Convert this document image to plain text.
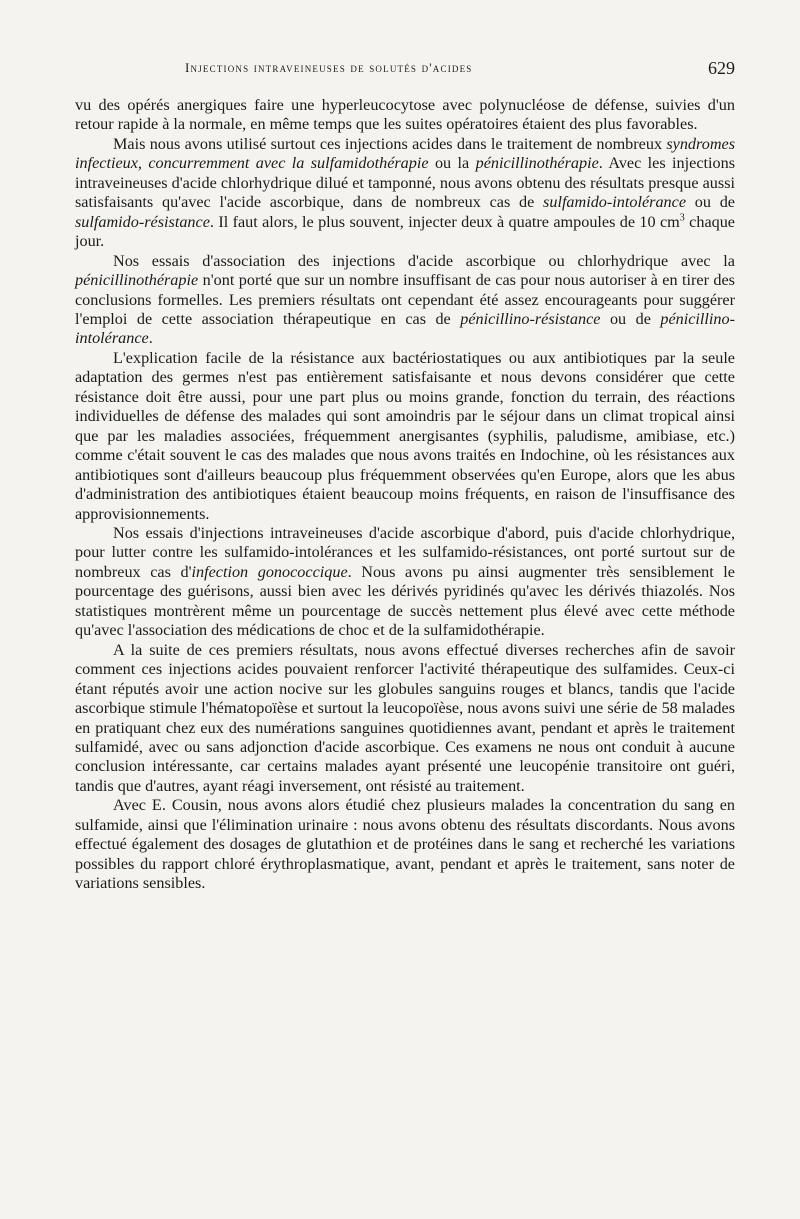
Injections intraveineuses de solutés d'acides	629

vu des opérés anergiques faire une hyperleucocytose avec polynucléose de défense, suivies d'un retour rapide à la normale, en même temps que les suites opératoires étaient des plus favorables.

Mais nous avons utilisé surtout ces injections acides dans le traitement de nombreux syndromes infectieux, concurremment avec la sulfamidothérapie ou la pénicillinothérapie. Avec les injections intraveineuses d'acide chlorhydrique dilué et tamponné, nous avons obtenu des résultats presque aussi satisfaisants qu'avec l'acide ascorbique, dans de nombreux cas de sulfamido-intolérance ou de sulfamido-résistance. Il faut alors, le plus souvent, injecter deux à quatre ampoules de 10 $cm^3$ chaque jour.

Nos essais d'association des injections d'acide ascorbique ou chlorhydrique avec la pénicillinothérapie n'ont porté que sur un nombre insuffisant de cas pour nous autoriser à en tirer des conclusions formelles. Les premiers résultats ont cependant été assez encourageants pour suggérer l'emploi de cette association thérapeutique en cas de pénicillino-résistance ou de pénicillino-intolérance.

L'explication facile de la résistance aux bactériostatiques ou aux antibiotiques par la seule adaptation des germes n'est pas entièrement satisfaisante et nous devons considérer que cette résistance doit être aussi, pour une part plus ou moins grande, fonction du terrain, des réactions individuelles de défense des malades qui sont amoindris par le séjour dans un climat tropical ainsi que par les maladies associées, fréquemment anergisantes (syphilis, paludisme, amibiase, etc.) comme c'était souvent le cas des malades que nous avons traités en Indochine, où les résistances aux antibiotiques sont d'ailleurs beaucoup plus fréquemment observées qu'en Europe, alors que les abus d'administration des antibiotiques étaient beaucoup moins fréquents, en raison de l'insuffisance des approvisionnements.

Nos essais d'injections intraveineuses d'acide ascorbique d'abord, puis d'acide chlorhydrique, pour lutter contre les sulfamido-intolérances et les sulfamido-résistances, ont porté surtout sur de nombreux cas d'infection gonococcique. Nous avons pu ainsi augmenter très sensiblement le pourcentage des guérisons, aussi bien avec les dérivés pyridinés qu'avec les dérivés thiazolés. Nos statistiques montrèrent même un pourcentage de succès nettement plus élevé avec cette méthode qu'avec l'association des médications de choc et de la sulfamidothérapie.

A la suite de ces premiers résultats, nous avons effectué diverses recherches afin de savoir comment ces injections acides pouvaient renforcer l'activité thérapeutique des sulfamides. Ceux-ci étant réputés avoir une action nocive sur les globules sanguins rouges et blancs, tandis que l'acide ascorbique stimule l'hématopoïèse et surtout la leucopoïèse, nous avons suivi une série de 58 malades en pratiquant chez eux des numérations sanguines quotidiennes avant, pendant et après le traitement sulfamidé, avec ou sans adjonction d'acide ascorbique. Ces examens ne nous ont conduit à aucune conclusion intéressante, car certains malades ayant présenté une leucopénie transitoire ont guéri, tandis que d'autres, ayant réagi inversement, ont résisté au traitement.

Avec E. Cousin, nous avons alors étudié chez plusieurs malades la concentration du sang en sulfamide, ainsi que l'élimination urinaire : nous avons obtenu des résultats discordants. Nous avons effectué également des dosages de glutathion et de protéines dans le sang et recherché les variations possibles du rapport chloré érythroplasmatique, avant, pendant et après le traitement, sans noter de variations sensibles.
